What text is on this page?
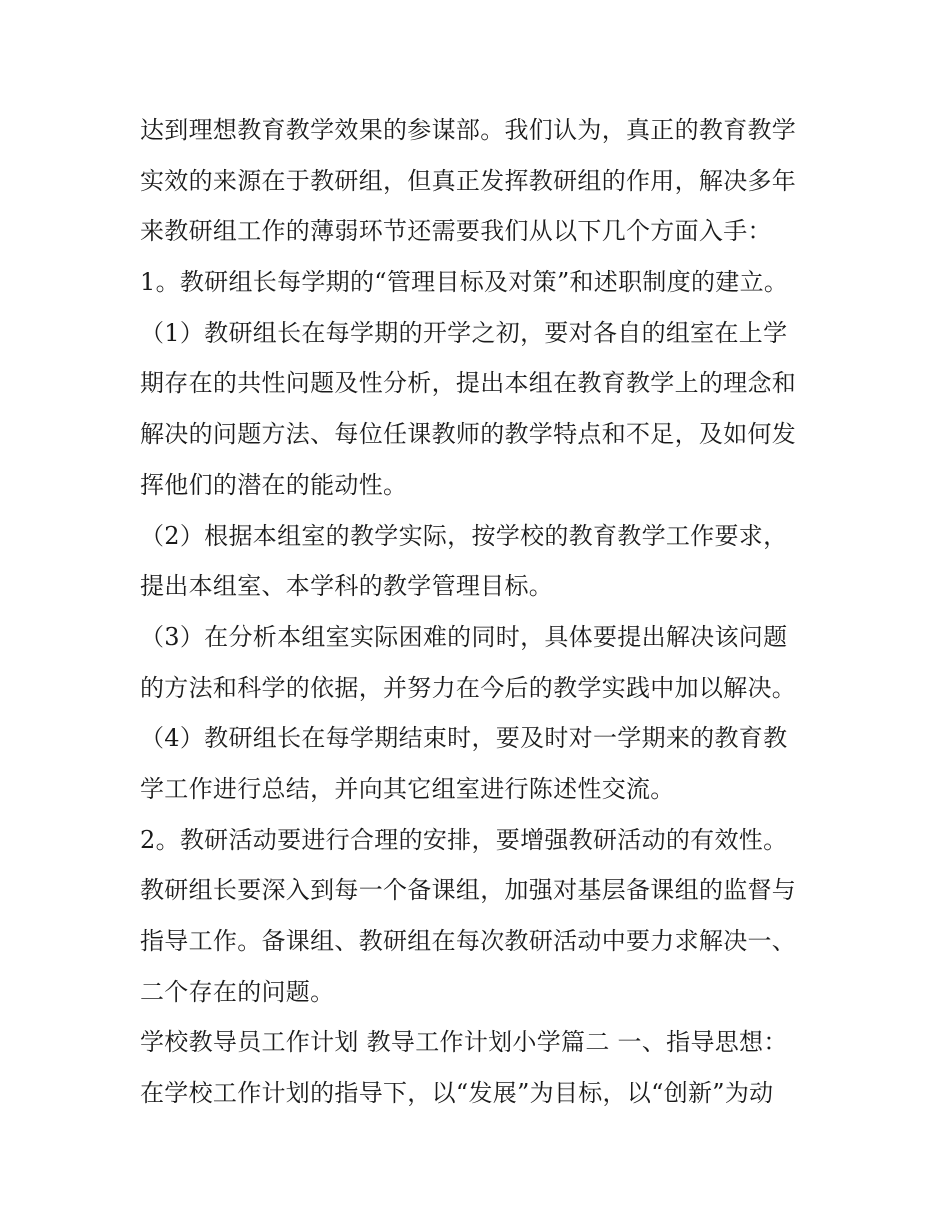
达到理想教育教学效果的参谋部。我们认为，真正的教育教学
实效的来源在于教研组，但真正发挥教研组的作用，解决多年
来教研组工作的薄弱环节还需要我们从以下几个方面入手：
1。教研组长每学期的“管理目标及对策”和述职制度的建立。
（1）教研组长在每学期的开学之初，要对各自的组室在上学
期存在的共性问题及性分析，提出本组在教育教学上的理念和
解决的问题方法、每位任课教师的教学特点和不足，及如何发
挥他们的潜在的能动性。
（2）根据本组室的教学实际，按学校的教育教学工作要求，
提出本组室、本学科的教学管理目标。
（3）在分析本组室实际困难的同时，具体要提出解决该问题
的方法和科学的依据，并努力在今后的教学实践中加以解决。
（4）教研组长在每学期结束时，要及时对一学期来的教育教
学工作进行总结，并向其它组室进行陈述性交流。
2。教研活动要进行合理的安排，要增强教研活动的有效性。
教研组长要深入到每一个备课组，加强对基层备课组的监督与
指导工作。备课组、教研组在每次教研活动中要力求解决一、
二个存在的问题。
学校教导员工作计划 教导工作计划小学篇二 一、指导思想：
在学校工作计划的指导下，以“发展”为目标，以“创新”为动
